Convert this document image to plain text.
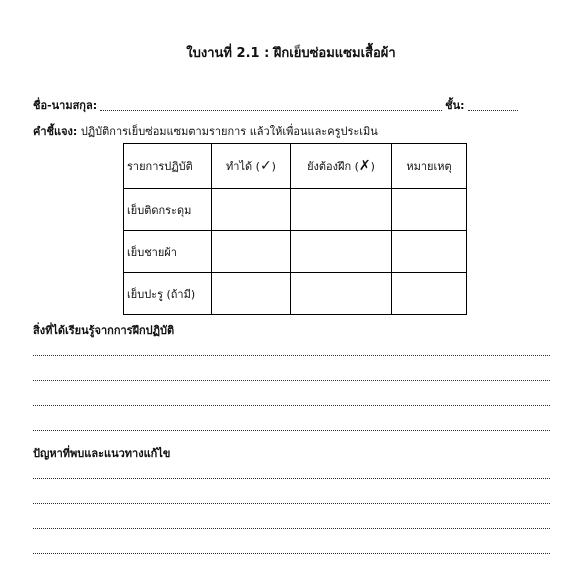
ใบงานที่ 2.1 : ฝึกเย็บซ่อมแซมเสื้อผ้า
ชื่อ-นามสกุล:	ชั้น:
คำชี้แจง: ปฏิบัติการเย็บซ่อมแซมตามรายการ แล้วให้เพื่อนและครูประเมิน
รายการปฏิบัติ	ทำได้ (✓)	ยังต้องฝึก (✗)	หมายเหตุ
เย็บติดกระดุม			
เย็บชายผ้า			
เย็บปะรู (ถ้ามี)			
สิ่งที่ได้เรียนรู้จากการฝึกปฏิบัติ
ปัญหาที่พบและแนวทางแก้ไข
